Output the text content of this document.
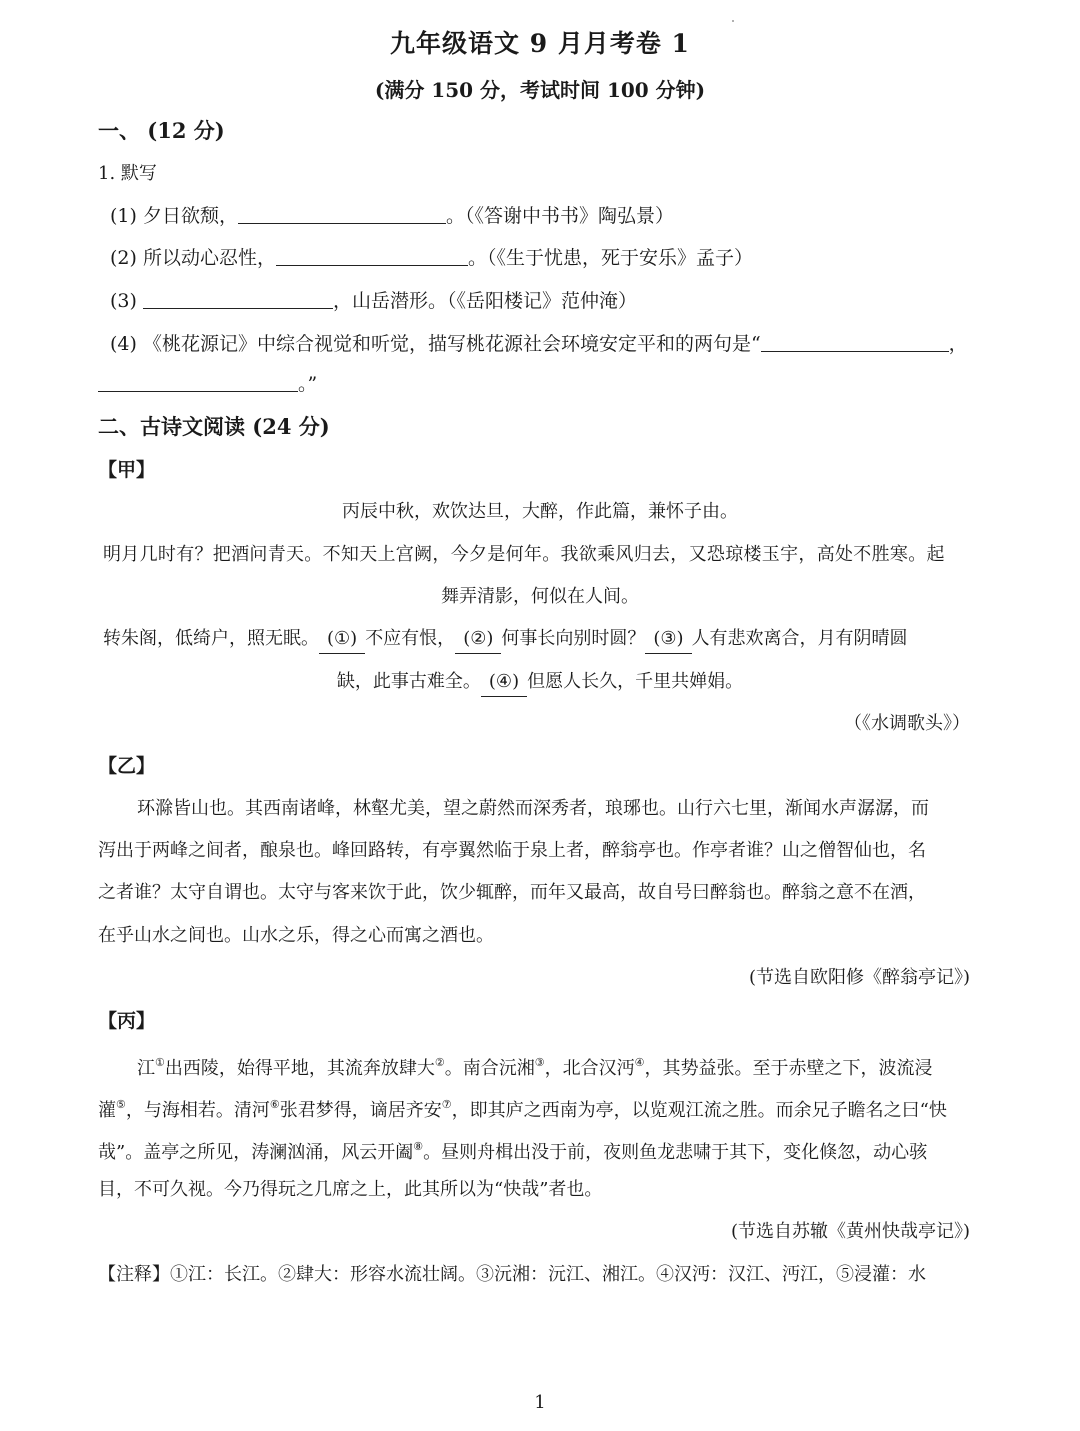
九年级语文 9 月月考卷 1
(满分 150 分，考试时间 100 分钟)
一、 (12 分)
1. 默写
(1) 夕日欲颓，	。（《答谢中书书》陶弘景）
(2) 所以动心忍性，	。（《生于忧患，死于安乐》孟子）
(3)	，山岳潜形。（《岳阳楼记》范仲淹）
(4) 《桃花源记》中综合视觉和听觉，描写桃花源社会环境安定平和的两句是“	，
。”
二、古诗文阅读 (24 分)
【甲】
丙辰中秋，欢饮达旦，大醉，作此篇，兼怀子由。
明月几时有？把酒问青天。不知天上宫阙，今夕是何年。我欲乘风归去，又恐琼楼玉宇，高处不胜寒。起
舞弄清影，何似在人间。
转朱阁，低绮户，照无眠。 (①) 不应有恨， (②) 何事长向别时圆？ (③) 人有悲欢离合，月有阴晴圆
缺，此事古难全。 (④) 但愿人长久，千里共婵娟。
（《水调歌头》）
【乙】
环滁皆山也。其西南诸峰，林壑尤美，望之蔚然而深秀者，琅琊也。山行六七里，渐闻水声潺潺，而
泻出于两峰之间者，酿泉也。峰回路转，有亭翼然临于泉上者，醉翁亭也。作亭者谁？山之僧智仙也，名
之者谁？太守自谓也。太守与客来饮于此，饮少辄醉，而年又最高，故自号曰醉翁也。醉翁之意不在酒，
在乎山水之间也。山水之乐，得之心而寓之酒也。
(节选自欧阳修《醉翁亭记》)
【丙】
江①出西陵，始得平地，其流奔放肆大②。南合沅湘③，北合汉沔④，其势益张。至于赤壁之下，波流浸
灌⑤，与海相若。清河⑥张君梦得，谪居齐安⑦，即其庐之西南为亭，以览观江流之胜。而余兄子瞻名之曰“快
哉”。盖亭之所见，涛澜汹涌，风云开阖⑧。昼则舟楫出没于前，夜则鱼龙悲啸于其下，变化倏忽，动心骇
目，不可久视。今乃得玩之几席之上，此其所以为“快哉”者也。
(节选自苏辙《黄州快哉亭记》)
【注释】①江：长江。②肆大：形容水流壮阔。③沅湘：沅江、湘江。④汉沔：汉江、沔江，⑤浸灌：水
1
